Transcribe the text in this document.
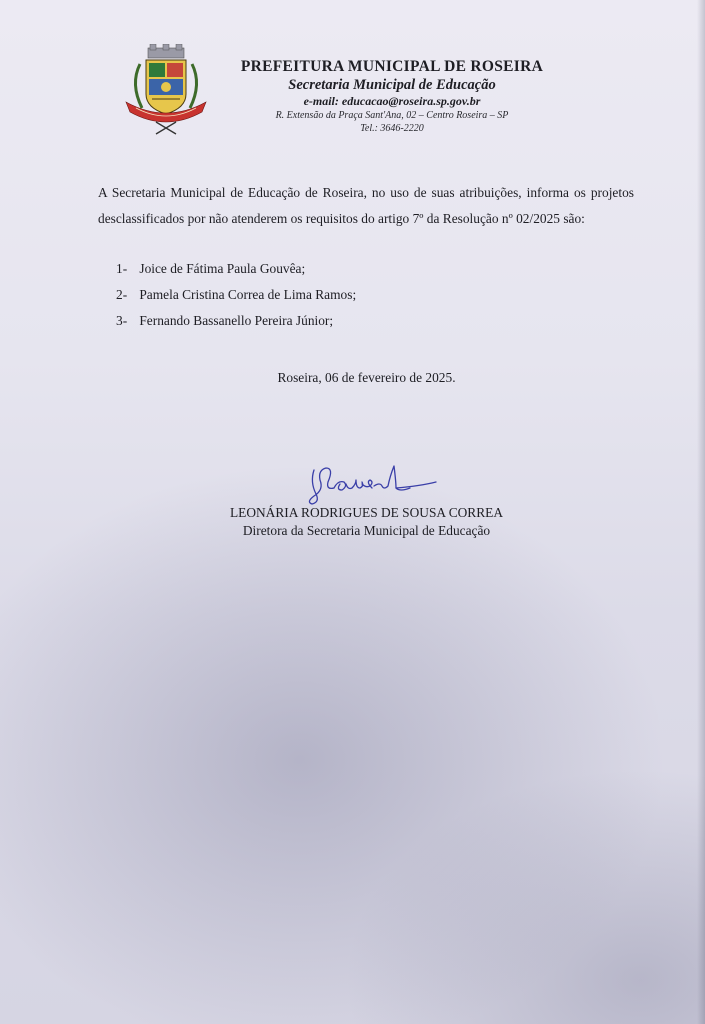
PREFEITURA MUNICIPAL DE ROSEIRA

Secretaria Municipal de Educação

e-mail: educacao@roseira.sp.gov.br

R. Extensão da Praça Sant'Ana, 02 – Centro Roseira – SP

Tel.: 3646-2220

A Secretaria Municipal de Educação de Roseira, no uso de suas atribuições, informa os projetos desclassificados por não atenderem os requisitos do artigo 7º da Resolução nº 02/2025 são:

1- Joice de Fátima Paula Gouvêa;
2- Pamela Cristina Correa de Lima Ramos;
3- Fernando Bassanello Pereira Júnior;

Roseira, 06 de fevereiro de 2025.

LEONÁRIA RODRIGUES DE SOUSA CORREA

Diretora da Secretaria Municipal de Educação
